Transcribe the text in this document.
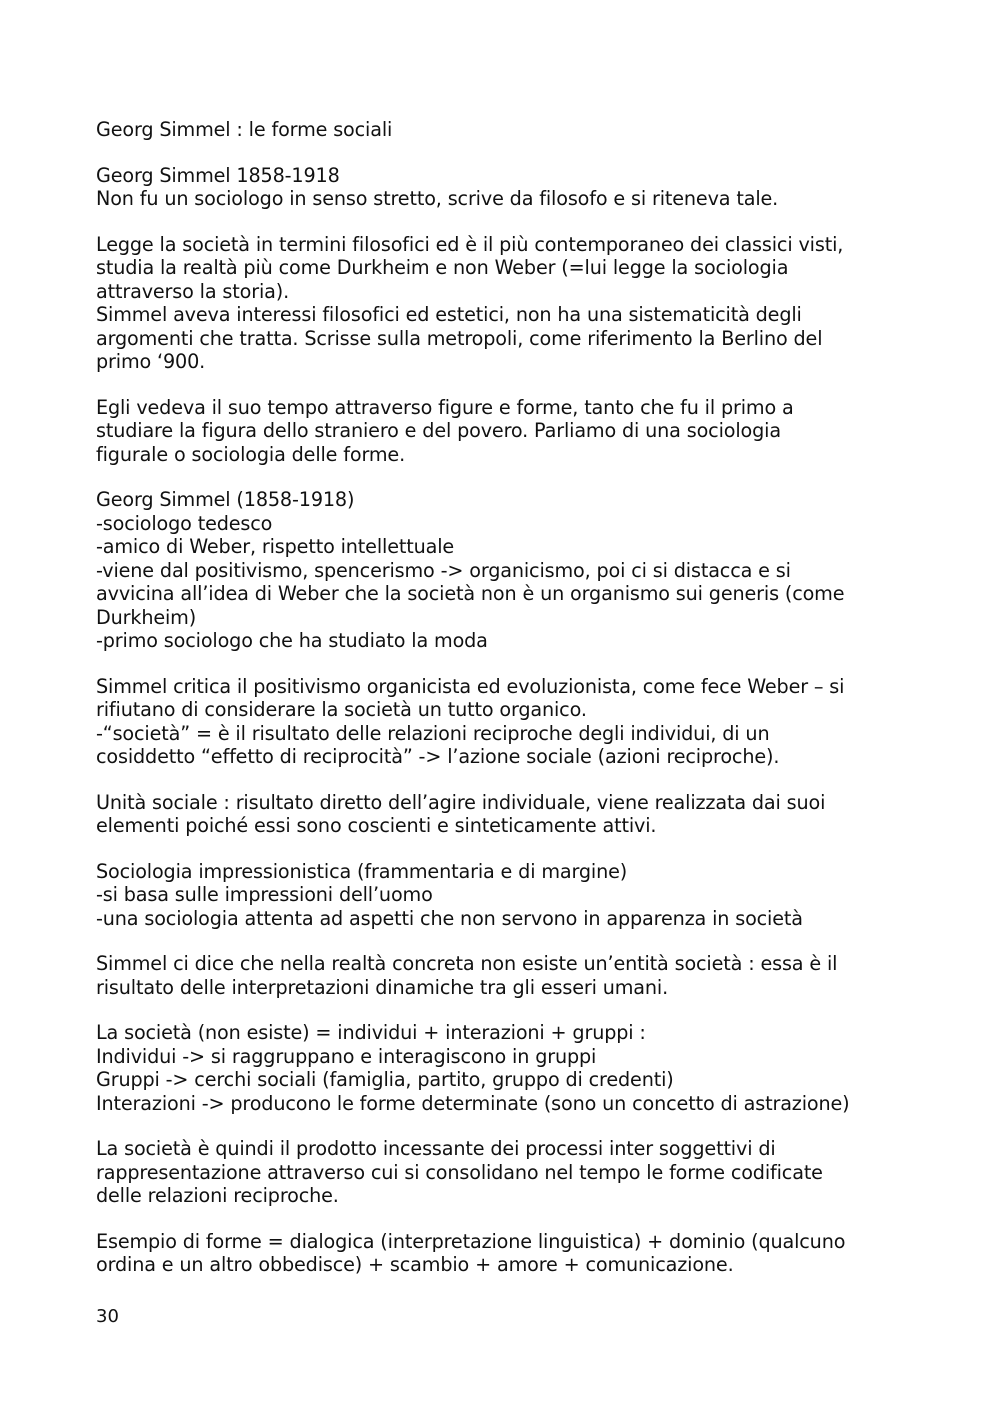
Georg Simmel : le forme sociali
Georg Simmel 1858-1918
Non fu un sociologo in senso stretto, scrive da filosofo e si riteneva tale.
Legge la società in termini filosofici ed è il più contemporaneo dei classici visti,
studia la realtà più come Durkheim e non Weber (=lui legge la sociologia
attraverso la storia).
Simmel aveva interessi filosofici ed estetici, non ha una sistematicità degli
argomenti che tratta. Scrisse sulla metropoli, come riferimento la Berlino del
primo ‘900.
Egli vedeva il suo tempo attraverso figure e forme, tanto che fu il primo a
studiare la figura dello straniero e del povero. Parliamo di una sociologia
figurale o sociologia delle forme.
Georg Simmel (1858-1918)
-sociologo tedesco
-amico di Weber, rispetto intellettuale
-viene dal positivismo, spencerismo -> organicismo, poi ci si distacca e si
avvicina all’idea di Weber che la società non è un organismo sui generis (come
Durkheim)
-primo sociologo che ha studiato la moda
Simmel critica il positivismo organicista ed evoluzionista, come fece Weber – si
rifiutano di considerare la società un tutto organico.
-“società” = è il risultato delle relazioni reciproche degli individui, di un
cosiddetto “effetto di reciprocità” -> l’azione sociale (azioni reciproche).
Unità sociale : risultato diretto dell’agire individuale, viene realizzata dai suoi
elementi poiché essi sono coscienti e sinteticamente attivi.
Sociologia impressionistica (frammentaria e di margine)
-si basa sulle impressioni dell’uomo
-una sociologia attenta ad aspetti che non servono in apparenza in società
Simmel ci dice che nella realtà concreta non esiste un’entità società : essa è il
risultato delle interpretazioni dinamiche tra gli esseri umani.
La società (non esiste) = individui + interazioni + gruppi :
Individui -> si raggruppano e interagiscono in gruppi
Gruppi -> cerchi sociali (famiglia, partito, gruppo di credenti)
Interazioni -> producono le forme determinate (sono un concetto di astrazione)
La società è quindi il prodotto incessante dei processi inter soggettivi di
rappresentazione attraverso cui si consolidano nel tempo le forme codificate
delle relazioni reciproche.
Esempio di forme = dialogica (interpretazione linguistica) + dominio (qualcuno
ordina e un altro obbedisce) + scambio + amore + comunicazione.
30
